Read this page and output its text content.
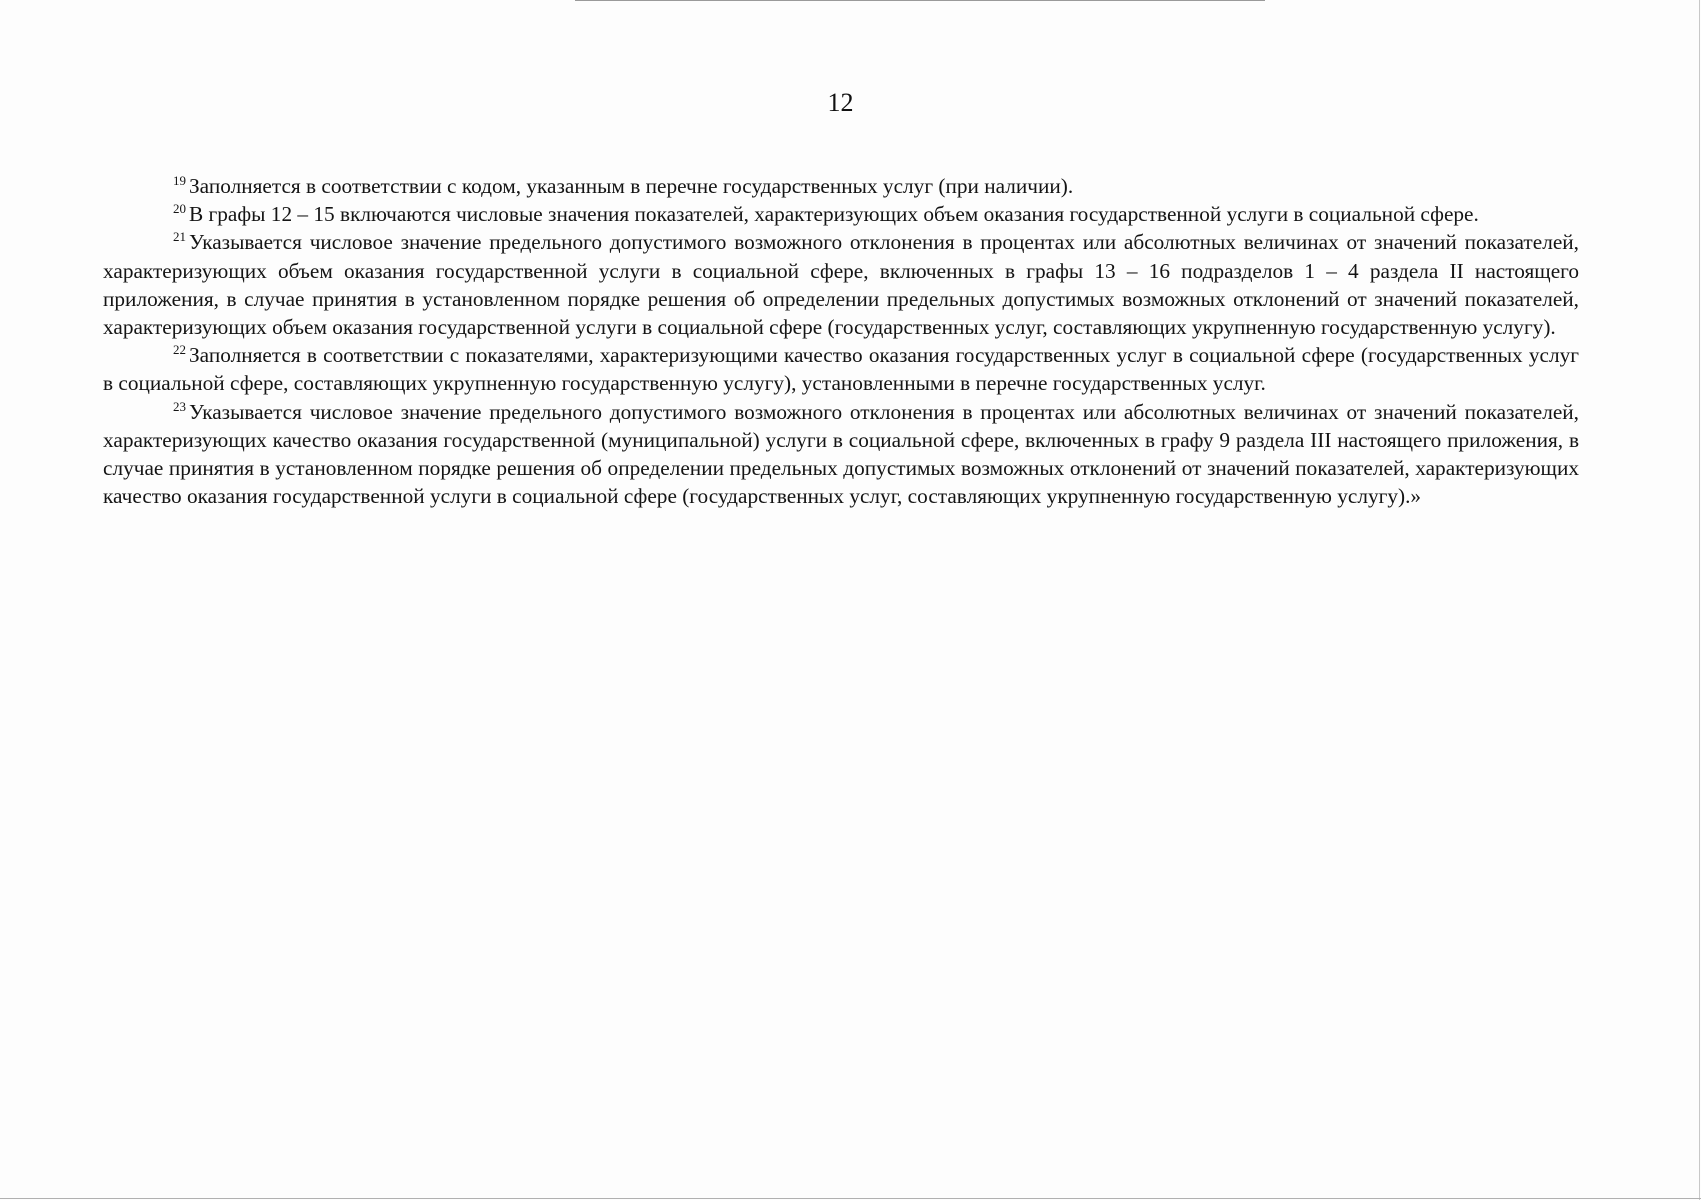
12

$^{19}$ Заполняется в соответствии с кодом, указанным в перечне государственных услуг (при наличии).

$^{20}$ В графы 12 – 15 включаются числовые значения показателей, характеризующих объем оказания государственной услуги в социальной сфере.

$^{21}$ Указывается числовое значение предельного допустимого возможного отклонения в процентах или абсолютных величинах от значений показателей, характеризующих объем оказания государственной услуги в социальной сфере, включенных в графы 13 – 16 подразделов 1 – 4 раздела II настоящего приложения, в случае принятия в установленном порядке решения об определении предельных допустимых возможных отклонений от значений показателей, характеризующих объем оказания государственной услуги в социальной сфере (государственных услуг, составляющих укрупненную государственную услугу).

$^{22}$ Заполняется в соответствии с показателями, характеризующими качество оказания государственных услуг в социальной сфере (государственных услуг в социальной сфере, составляющих укрупненную государственную услугу), установленными в перечне государственных услуг.

$^{23}$ Указывается числовое значение предельного допустимого возможного отклонения в процентах или абсолютных величинах от значений показателей, характеризующих качество оказания государственной (муниципальной) услуги в социальной сфере, включенных в графу 9 раздела III настоящего приложения, в случае принятия в установленном порядке решения об определении предельных допустимых возможных отклонений от значений показателей, характеризующих качество оказания государственной услуги в социальной сфере (государственных услуг, составляющих укрупненную государственную услугу).»
